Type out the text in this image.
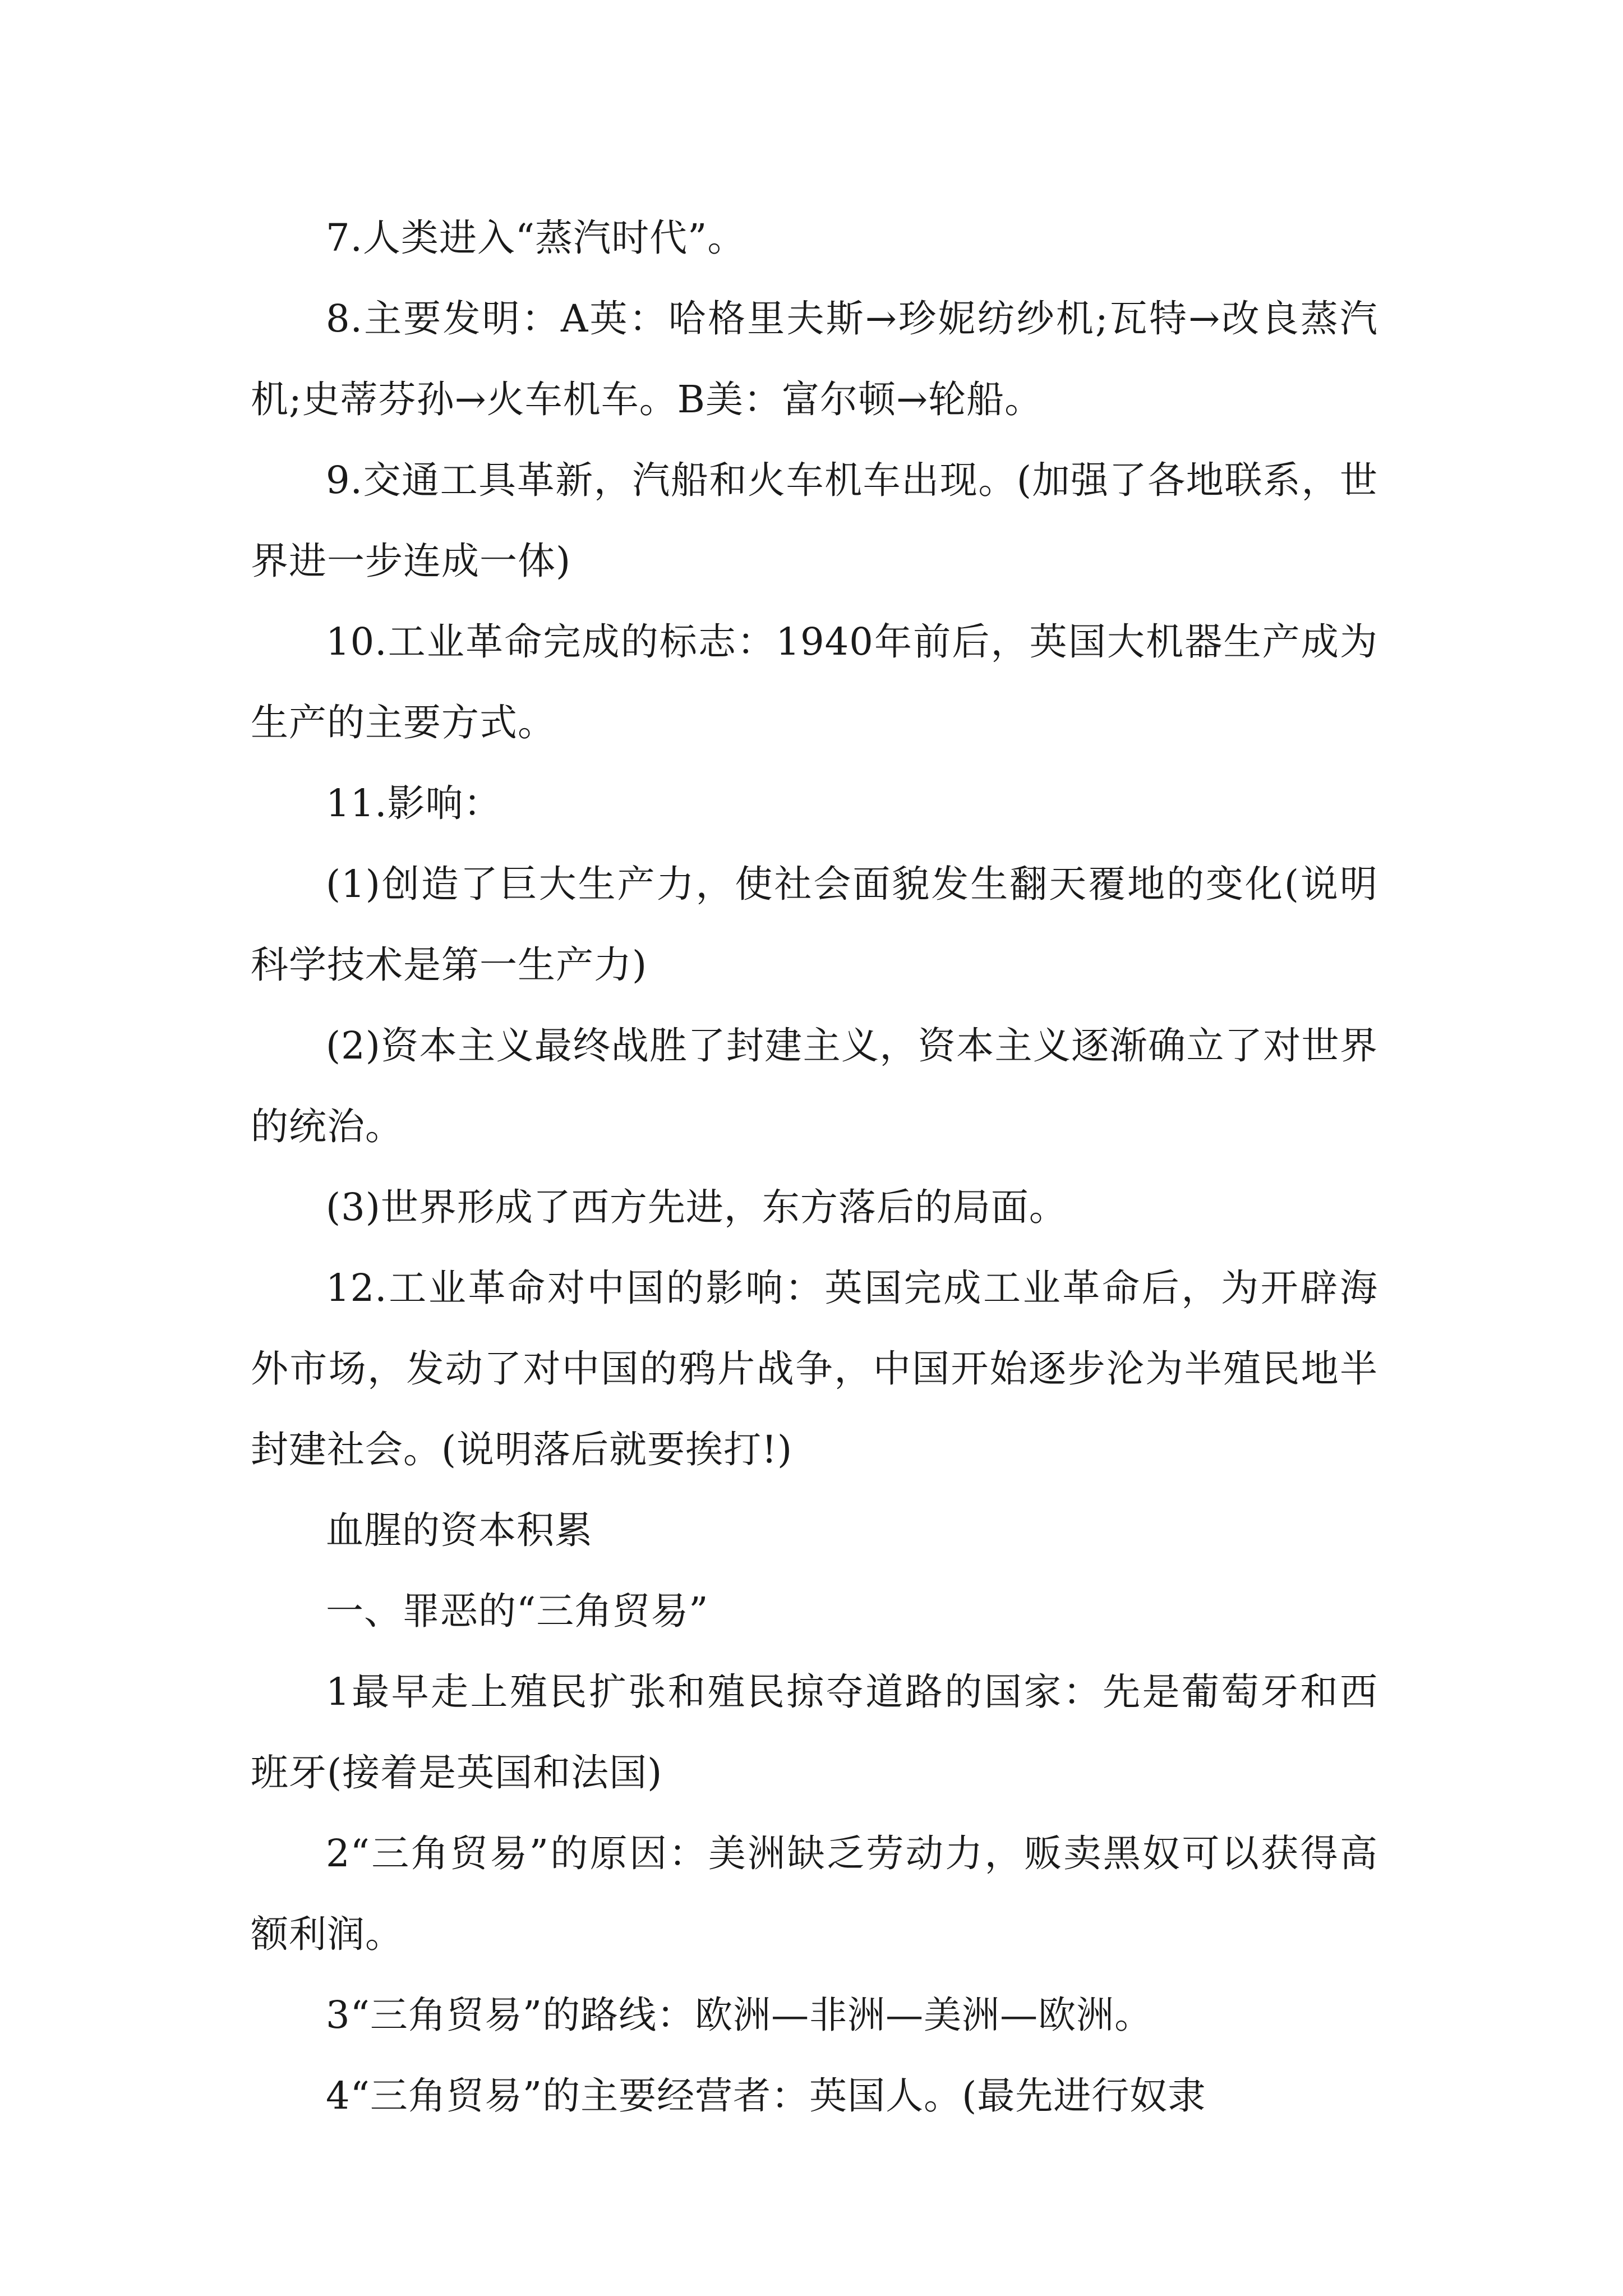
7.人类进入“蒸汽时代”。

8.主要发明：A英：哈格里夫斯→珍妮纺纱机;瓦特→改良蒸汽机;史蒂芬孙→火车机车。B美：富尔顿→轮船。

9.交通工具革新，汽船和火车机车出现。(加强了各地联系，世界进一步连成一体)

10.工业革命完成的标志：1940年前后，英国大机器生产成为生产的主要方式。

11.影响：

(1)创造了巨大生产力，使社会面貌发生翻天覆地的变化(说明科学技术是第一生产力)

(2)资本主义最终战胜了封建主义，资本主义逐渐确立了对世界的统治。

(3)世界形成了西方先进，东方落后的局面。

12.工业革命对中国的影响：英国完成工业革命后，为开辟海外市场，发动了对中国的鸦片战争，中国开始逐步沦为半殖民地半封建社会。(说明落后就要挨打!)

血腥的资本积累

一、罪恶的“三角贸易”

1最早走上殖民扩张和殖民掠夺道路的国家：先是葡萄牙和西班牙(接着是英国和法国)

2“三角贸易”的原因：美洲缺乏劳动力，贩卖黑奴可以获得高额利润。

3“三角贸易”的路线：欧洲—非洲—美洲—欧洲。

4“三角贸易”的主要经营者：英国人。(最先进行奴隶
